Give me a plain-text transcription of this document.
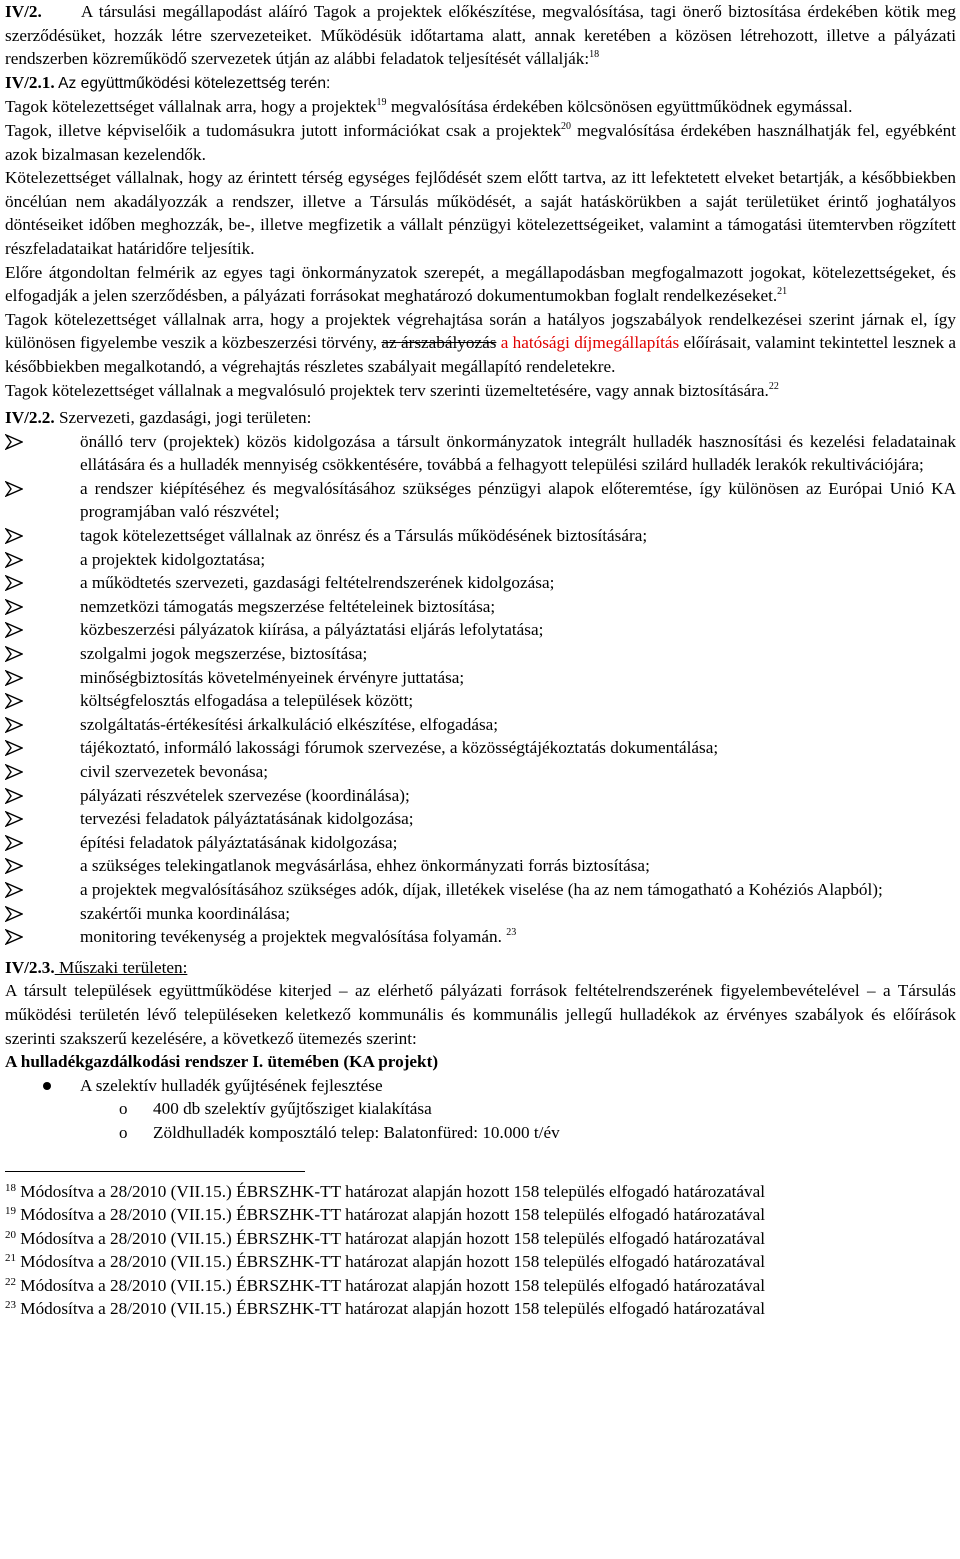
IV/2. A társulási megállapodást aláíró Tagok a projektek előkészítése, megvalósítása, tagi önerő biztosítása érdekében kötik meg szerződésüket, hozzák létre szervezeteiket. Működésük időtartama alatt, annak keretében a közösen létrehozott, illetve a pályázati rendszerben közreműködő szervezetek útján az alábbi feladatok teljesítését vállalják:$^{18}$

IV/2.1. Az együttműködési kötelezettség terén:

Tagok kötelezettséget vállalnak arra, hogy a projektek$^{19}$ megvalósítása érdekében kölcsönösen együttműködnek egymással.

Tagok, illetve képviselőik a tudomásukra jutott információkat csak a projektek$^{20}$ megvalósítása érdekében használhatják fel, egyébként azok bizalmasan kezelendők.

Kötelezettséget vállalnak, hogy az érintett térség egységes fejlődését szem előtt tartva, az itt lefektetett elveket betartják, a későbbiekben öncélúan nem akadályozzák a rendszer, illetve a Társulás működését, a saját hatáskörükben a saját területüket érintő joghatályos döntéseiket időben meghozzák, be-, illetve megfizetik a vállalt pénzügyi kötelezettségeiket, valamint a támogatási ütemtervben rögzített részfeladataikat határidőre teljesítik.

Előre átgondoltan felmérik az egyes tagi önkormányzatok szerepét, a megállapodásban megfogalmazott jogokat, kötelezettségeket, és elfogadják a jelen szerződésben, a pályázati forrásokat meghatározó dokumentumokban foglalt rendelkezéseket.$^{21}$

Tagok kötelezettséget vállalnak arra, hogy a projektek végrehajtása során a hatályos jogszabályok rendelkezései szerint járnak el, így különösen figyelembe veszik a közbeszerzési törvény, az árszabályozás a hatósági díjmegállapítás előírásait, valamint tekintettel lesznek a későbbiekben megalkotandó, a végrehajtás részletes szabályait megállapító rendeletekre.

Tagok kötelezettséget vállalnak a megvalósuló projektek terv szerinti üzemeltetésére, vagy annak biztosítására.$^{22}$

IV/2.2. Szervezeti, gazdasági, jogi területen:

önálló terv (projektek) közös kidolgozása a társult önkormányzatok integrált hulladék hasznosítási és kezelési feladatainak ellátására és a hulladék mennyiség csökkentésére, továbbá a felhagyott települési szilárd hulladék lerakók rekultivációjára;
a rendszer kiépítéséhez és megvalósításához szükséges pénzügyi alapok előteremtése, így különösen az Európai Unió KA programjában való részvétel;
tagok kötelezettséget vállalnak az önrész és a Társulás működésének biztosítására;
a projektek kidolgoztatása;
a működtetés szervezeti, gazdasági feltételrendszerének kidolgozása;
nemzetközi támogatás megszerzése feltételeinek biztosítása;
közbeszerzési pályázatok kiírása, a pályáztatási eljárás lefolytatása;
szolgalmi jogok megszerzése, biztosítása;
minőségbiztosítás követelményeinek érvényre juttatása;
költségfelosztás elfogadása a települések között;
szolgáltatás-értékesítési árkalkuláció elkészítése, elfogadása;
tájékoztató, informáló lakossági fórumok szervezése, a közösségtájékoztatás dokumentálása;
civil szervezetek bevonása;
pályázati részvételek szervezése (koordinálása);
tervezési feladatok pályáztatásának kidolgozása;
építési feladatok pályáztatásának kidolgozása;
a szükséges telekingatlanok megvásárlása, ehhez önkormányzati forrás biztosítása;
a projektek megvalósításához szükséges adók, díjak, illetékek viselése (ha az nem támogatható a Kohéziós Alapból);
szakértői munka koordinálása;
monitoring tevékenység a projektek megvalósítása folyamán. $^{23}$

IV/2.3. Műszaki területen:

A társult települések együttműködése kiterjed – az elérhető pályázati források feltételrendszerének figyelembevételével – a Társulás működési területén lévő településeken keletkező kommunális és kommunális jellegű hulladékok az érvényes szabályok és előírások szerinti szakszerű kezelésére, a következő ütemezés szerint:

A hulladékgazdálkodási rendszer I. ütemében (KA projekt)

A szelektív hulladék gyűjtésének fejlesztése
o 400 db szelektív gyűjtősziget kialakítása
o Zöldhulladék komposztáló telep: Balatonfüred: 10.000 t/év
$^{18}$ Módosítva a 28/2010 (VII.15.) ÉBRSZHK-TT határozat alapján hozott 158 település elfogadó határozatával
$^{19}$ Módosítva a 28/2010 (VII.15.) ÉBRSZHK-TT határozat alapján hozott 158 település elfogadó határozatával
$^{20}$ Módosítva a 28/2010 (VII.15.) ÉBRSZHK-TT határozat alapján hozott 158 település elfogadó határozatával
$^{21}$ Módosítva a 28/2010 (VII.15.) ÉBRSZHK-TT határozat alapján hozott 158 település elfogadó határozatával
$^{22}$ Módosítva a 28/2010 (VII.15.) ÉBRSZHK-TT határozat alapján hozott 158 település elfogadó határozatával
$^{23}$ Módosítva a 28/2010 (VII.15.) ÉBRSZHK-TT határozat alapján hozott 158 település elfogadó határozatával
